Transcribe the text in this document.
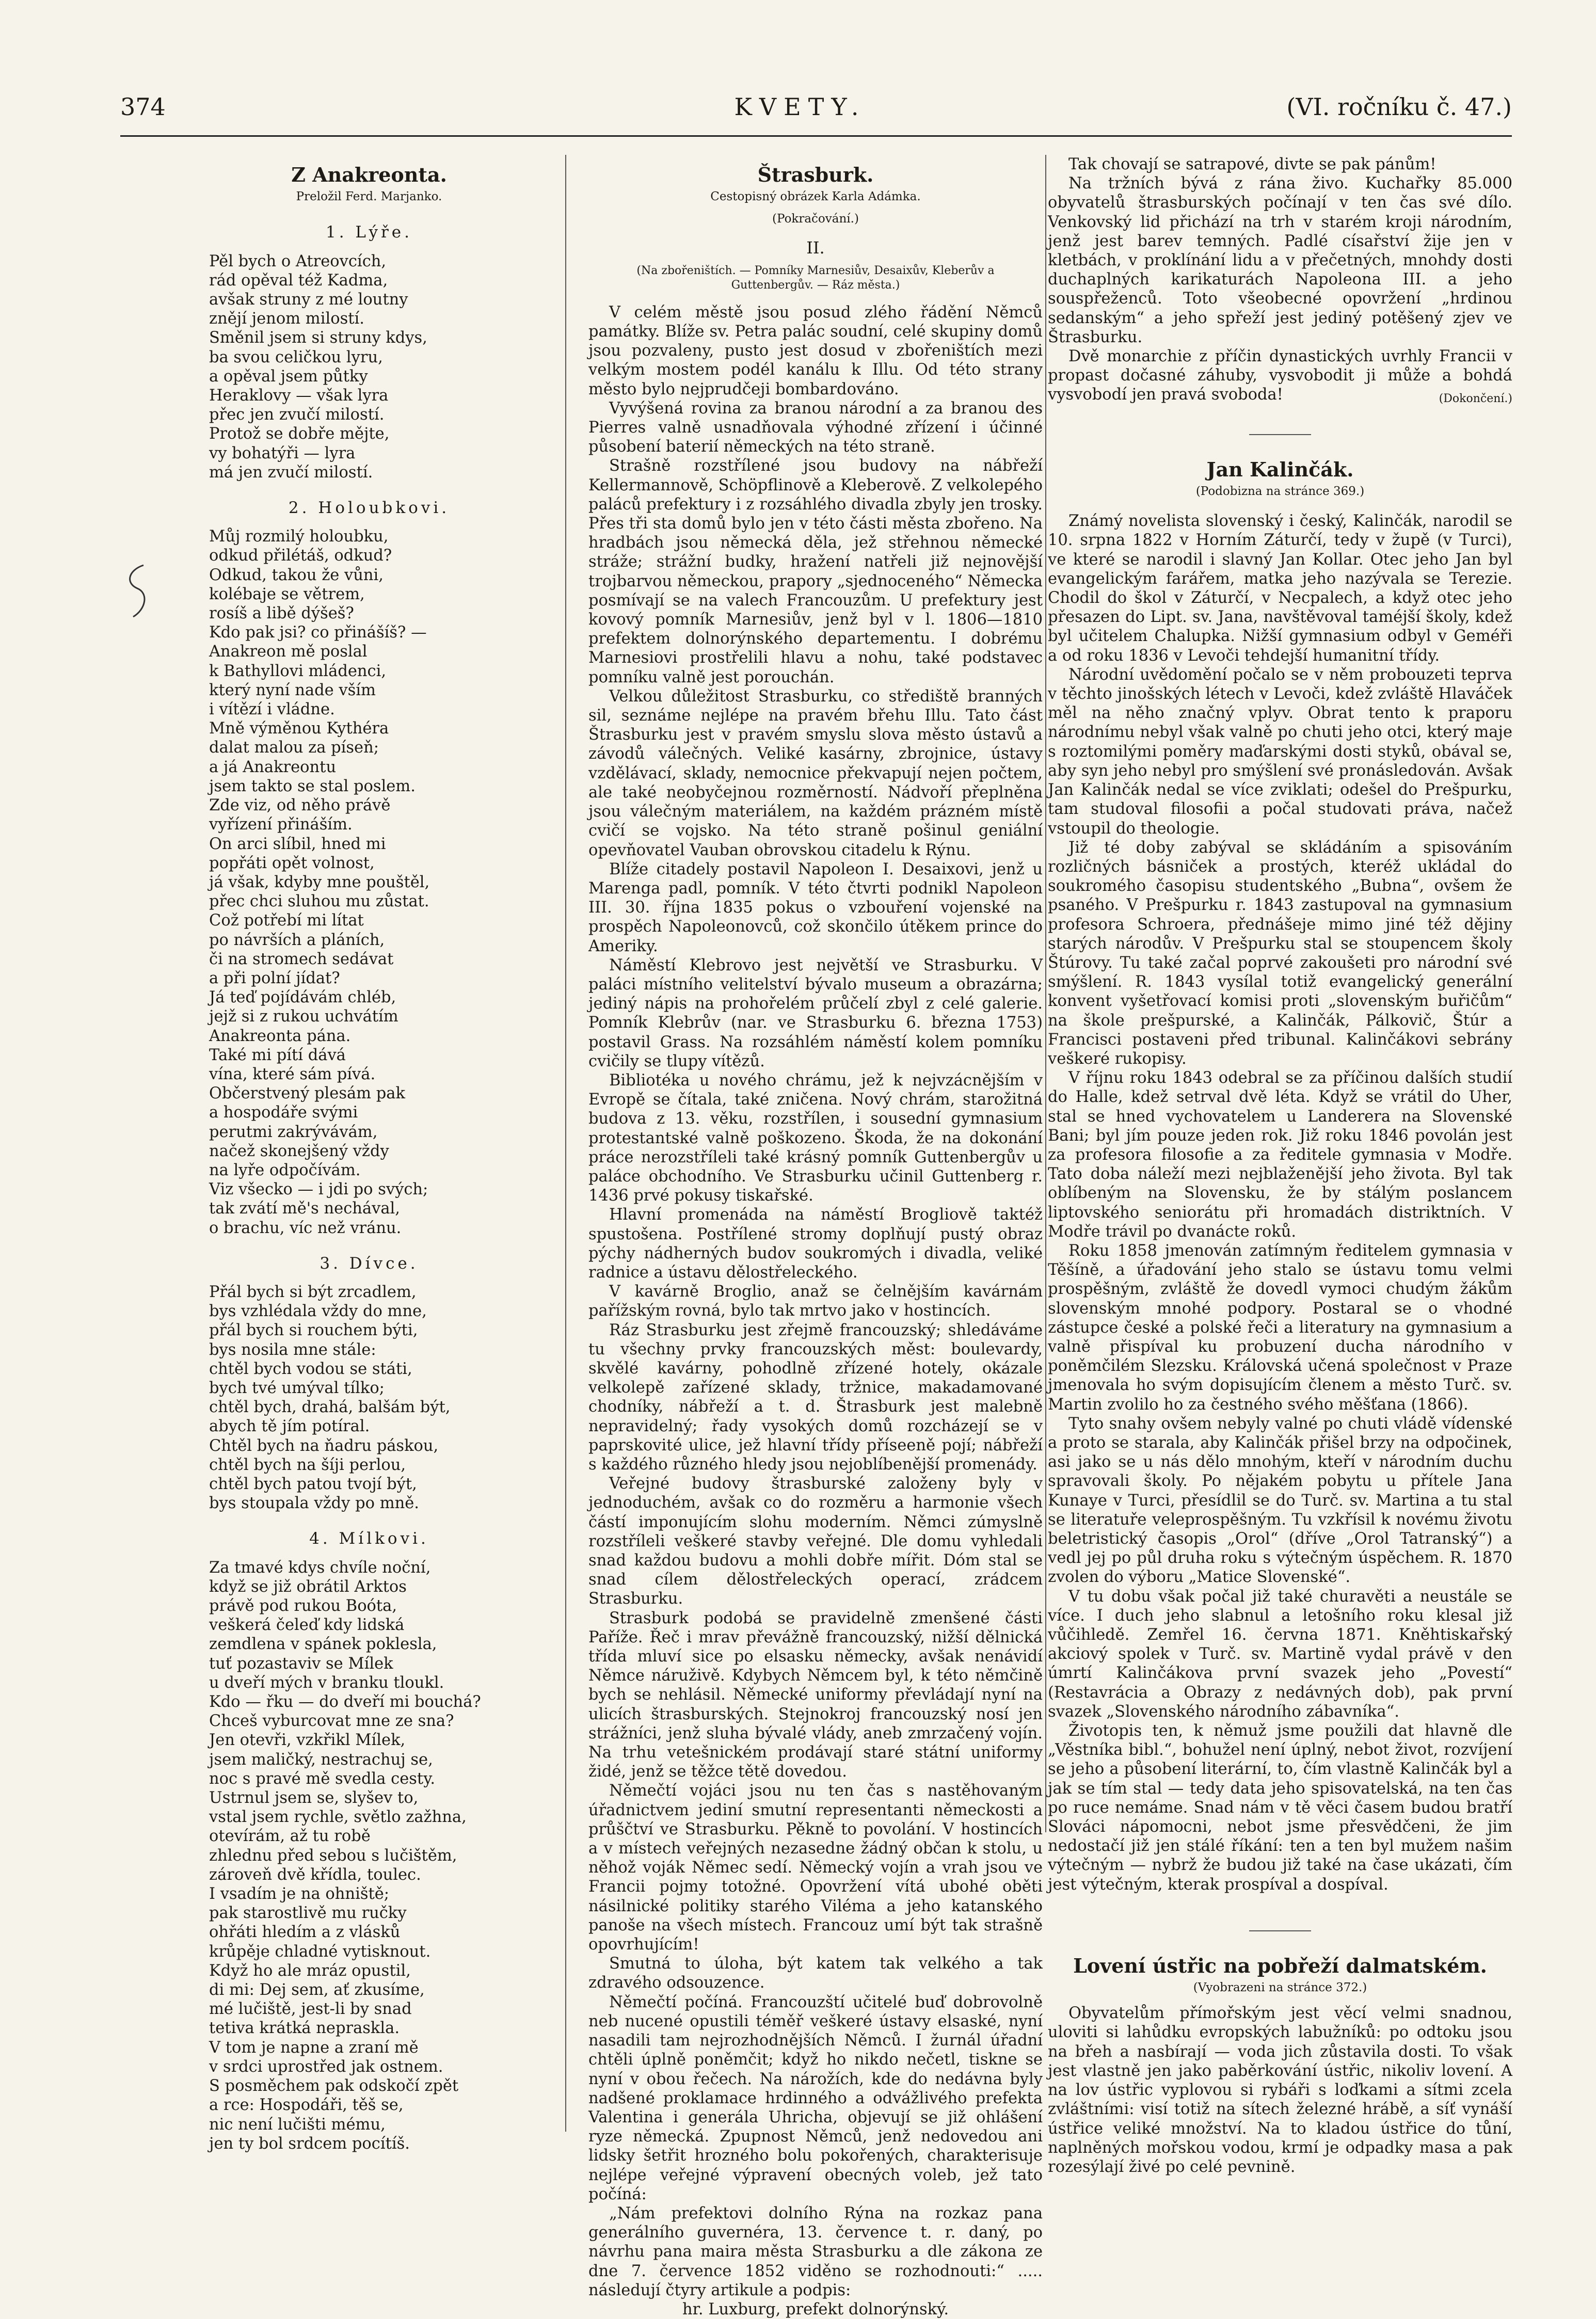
374	KVETY.	(VI. ročníku č. 47.)
Z Anakreonta.
Preložil Ferd. Marjanko.
1. Lýře.
Pěl bych o Atreovcích,
rád opěval též Kadma,
avšak struny z mé loutny
znějí jenom milostí.
Směnil jsem si struny kdys,
ba svou celičkou lyru,
a opěval jsem půtky
Heraklovy — však lyra
přec jen zvučí milostí.
Protož se dobře mějte,
vy bohatýři — lyra
má jen zvučí milostí.
2. Holoubkovi.
Můj rozmilý holoubku,
odkud přilétáš, odkud?
Odkud, takou že vůni,
kolébaje se větrem,
rosíš a libě dýšeš?
Kdo pak jsi? co přinášíš? —
Anakreon mě poslal
k Bathyllovi mládenci,
který nyní nade vším
i vítězí i vládne.
Mně výměnou Kythéra
dalat malou za píseň;
a já Anakreontu
jsem takto se stal poslem.
Zde viz, od něho právě
vyřízení přináším.
On arci slíbil, hned mi
popřáti opět volnost,
já však, kdyby mne pouštěl,
přec chci sluhou mu zůstat.
Což potřebí mi lítat
po návrších a pláních,
či na stromech sedávat
a při polní jídat?
Já teď pojídávám chléb,
jejž si z rukou uchvátím
Anakreonta pána.
Také mi pítí dává
vína, které sám pívá.
Občerstvený plesám pak
a hospodáře svými
perutmi zakrývávám,
načež skonejšený vždy
na lyře odpočívám.
Viz všecko — i jdi po svých;
tak zvátí mě's nechával,
o brachu, víc než vránu.
3. Dívce.
Přál bych si být zrcadlem,
bys vzhlédala vždy do mne,
přál bych si rouchem býti,
bys nosila mne stále:
chtěl bych vodou se státi,
bych tvé umýval tílko;
chtěl bych, drahá, balšám být,
abych tě jím potíral.
Chtěl bych na ňadru páskou,
chtěl bych na šíji perlou,
chtěl bych patou tvojí být,
bys stoupala vždy po mně.
4. Mílkovi.
Za tmavé kdys chvíle noční,
když se již obrátil Arktos
právě pod rukou Boóta,
veškerá čeleď kdy lidská
zemdlena v spánek poklesla,
tuť pozastaviv se Mílek
u dveří mých v branku tloukl.
Kdo — řku — do dveří mi bouchá?
Chceš vyburcovat mne ze sna?
Jen otevři, vzkřikl Mílek,
jsem maličký, nestrachuj se,
noc s pravé mě svedla cesty.
Ustrnul jsem se, slyšev to,
vstal jsem rychle, světlo zažhna,
otevírám, až tu robě
zhlednu před sebou s lučištěm,
zároveň dvě křídla, toulec.
I vsadím je na ohniště;
pak starostlivě mu ručky
ohřáti hledím a z vlásků
krůpěje chladné vytisknout.
Když ho ale mráz opustil,
di mi: Dej sem, ať zkusíme,
mé lučiště, jest-li by snad
tetiva krátká nepraskla.
V tom je napne a zraní mě
v srdci uprostřed jak ostnem.
S posměchem pak odskočí zpět
a rce: Hospodáři, těš se,
nic není lučišti mému,
jen ty bol srdcem pocítíš.
Štrasburk.
Cestopisný obrázek Karla Adámka.
(Pokračování.)
II.
(Na zbořeništích. — Pomníky Marnesiův, Desaixův, Kleberův a Guttenbergův. — Ráz města.)

V celém městě jsou posud zlého řádění Němců památky. Blíže sv. Petra palác soudní, celé skupiny domů jsou pozvaleny, pusto jest dosud v zbořeništích mezi velkým mostem podél kanálu k Illu. Od této strany město bylo nejprudčeji bombardováno.

Vyvýšená rovina za branou národní a za branou des Pierres valně usnadňovala výhodné zřízení i účinné působení baterií německých na této straně.

Strašně rozstřílené jsou budovy na nábřeží Kellermannově, Schöpflinově a Kleberově. Z velkolepého paláců prefektury i z rozsáhlého divadla zbyly jen trosky. Přes tři sta domů bylo jen v této části města zbořeno. Na hradbách jsou německá děla, jež střehnou německé stráže; strážní budky, hražení natřeli již nejnovější trojbarvou německou, prapory „sjednoceného“ Německa posmívají se na valech Francouzům. U prefektury jest kovový pomník Marnesiův, jenž byl v l. 1806—1810 prefektem dolnorýnského departementu. I dobrému Marnesiovi prostřelili hlavu a nohu, také podstavec pomníku valně jest porouchán.

Velkou důležitost Strasburku, co střediště branných sil, seznáme nejlépe na pravém břehu Illu. Tato část Štrasburku jest v pravém smyslu slova město ústavů a závodů válečných. Veliké kasárny, zbrojnice, ústavy vzdělávací, sklady, nemocnice překvapují nejen počtem, ale také neobyčejnou rozměrností. Nádvoří přeplněna jsou válečným materiálem, na každém prázném místě cvičí se vojsko. Na této straně pošinul geniální opevňovatel Vauban obrovskou citadelu k Rýnu.

Blíže citadely postavil Napoleon I. Desaixovi, jenž u Marenga padl, pomník. V této čtvrti podnikl Napoleon III. 30. října 1835 pokus o vzbouření vojenské na prospěch Napoleonovců, což skončilo útěkem prince do Ameriky.

Náměstí Klebrovo jest největší ve Strasburku. V paláci místního velitelství bývalo museum a obrazárna; jediný nápis na prohořelém průčelí zbyl z celé galerie. Pomník Klebrův (nar. ve Strasburku 6. března 1753) postavil Grass. Na rozsáhlém náměstí kolem pomníku cvičily se tlupy vítězů.

Bibliotéka u nového chrámu, jež k nejvzácnějším v Evropě se čítala, také zničena. Nový chrám, starožitná budova z 13. věku, rozstřílen, i sousední gymnasium protestantské valně poškozeno. Škoda, že na dokonání práce nerozstříleli také krásný pomník Guttenbergův u paláce obchodního. Ve Strasburku učinil Guttenberg r. 1436 prvé pokusy tiskařské.

Hlavní promenáda na náměstí Brogliově taktéž spustošena. Postřílené stromy doplňují pustý obraz pýchy nádherných budov soukromých i divadla, veliké radnice a ústavu dělostřeleckého.

V kavárně Broglio, anaž se čelnějším kavárnám pařížským rovná, bylo tak mrtvo jako v hostincích.

Ráz Strasburku jest zřejmě francouzský; shledáváme tu všechny prvky francouzských měst: boulevardy, skvělé kavárny, pohodlně zřízené hotely, okázale velkolepě zařízené sklady, tržnice, makadamované chodníky, nábřeží a t. d. Štrasburk jest malebně nepravidelný; řady vysokých domů rozcházejí se v paprskovité ulice, jež hlavní třídy příseeně pojí; nábřeží s každého různého hledy jsou nejoblíbenější promenády.

Veřejné budovy štrasburské založeny byly v jednoduchém, avšak co do rozměru a harmonie všech částí imponujícím slohu moderním. Němci zúmyslně rozstříleli veškeré stavby veřejné. Dle domu vyhledali snad každou budovu a mohli dobře mířit. Dóm stal se snad cílem dělostřeleckých operací, zrádcem Strasburku.

Strasburk podobá se pravidelně zmenšené části Paříže. Řeč i mrav převážně francouzský, nižší dělnická třída mluví sice po elsasku německy, avšak nenávidí Němce náruživě. Kdybych Němcem byl, k této němčině bych se nehlásil. Německé uniformy převládají nyní na ulicích štrasburských. Stejnokroj francouzský nosí jen strážníci, jenž sluha bývalé vlády, aneb zmrzačený vojín. Na trhu vetešnickém prodávají staré státní uniformy židé, jenž se těžce tětě dovedou.

Němečtí vojáci jsou nu ten čas s nastěhovaným úřadnictvem jediní smutní representanti německosti a průščtví ve Strasburku. Pěkně to povolání. V hostincích a v místech veřejných nezasedne žádný občan k stolu, u něhož voják Němec sedí. Německý vojín a vrah jsou ve Francii pojmy totožné. Opovržení vítá ubohé oběti násilnické politiky starého Viléma a jeho katanského panoše na všech místech. Francouz umí být tak strašně opovrhujícím!

Smutná to úloha, být katem tak velkého a tak zdravého odsouzence.

Němečtí počíná. Francouzští učitelé buď dobrovolně neb nucené opustili téměř veškeré ústavy elsaské, nyní nasadili tam nejrozhodnějších Němců. I žurnál úřadní chtěli úplně poněmčit; když ho nikdo nečetl, tiskne se nyní v obou řečech. Na nárožích, kde do nedávna byly nadšené proklamace hrdinného a odvážlivého prefekta Valentina i generála Uhricha, objevují se již ohlášení ryze německá. Zpupnost Němců, jenž nedovedou ani lidsky šetřit hrozného bolu pokořených, charakterisuje nejlépe veřejné výpravení obecných voleb, jež tato počíná:

„Nám prefektovi dolního Rýna na rozkaz pana generálního guvernéra, 13. července t. r. daný, po návrhu pana maira města Strasburku a dle zákona ze dne 7. července 1852 viděno se rozhodnouti:“ ..... následují čtyry artikule a podpis:

hr. Luxburg, prefekt dolnorýnský.

Tak chovají se satrapové, divte se pak pánům!

Na tržních bývá z rána živo. Kuchařky 85.000 obyvatelů štrasburských počínají v ten čas své dílo. Venkovský lid přichází na trh v starém kroji národním, jenž jest barev temných. Padlé císařství žije jen v kletbách, v proklínání lidu a v přečetných, mnohdy dosti duchaplných karikaturách Napoleona III. a jeho souspřeženců. Toto všeobecné opovržení „hrdinou sedanským“ a jeho spřeží jest jediný potěšený zjev ve Štrasburku.

Dvě monarchie z příčin dynastických uvrhly Francii v propast dočasné záhuby, vysvobodit ji může a bohdá vysvobodí jen pravá svoboda!	(Dokončení.)
Jan Kalinčák.
(Podobizna na stránce 369.)

Známý novelista slovenský i český, Kalinčák, narodil se 10. srpna 1822 v Horním Záturčí, tedy v župě (v Turci), ve které se narodil i slavný Jan Kollar. Otec jeho Jan byl evangelickým farářem, matka jeho nazývala se Terezie. Chodil do škol v Záturčí, v Necpalech, a když otec jeho přesazen do Lipt. sv. Jana, navštěvoval taméjší školy, kdež byl učitelem Chalupka. Nižší gymnasium odbyl v Geméři a od roku 1836 v Levoči tehdejší humanitní třídy.

Národní uvědomění počalo se v něm probouzeti teprva v těchto jinošských létech v Levoči, kdež zvláště Hlaváček měl na něho značný vplyv. Obrat tento k praporu národnímu nebyl však valně po chuti jeho otci, který maje s roztomilými poměry maďarskými dosti styků, obával se, aby syn jeho nebyl pro smýšlení své pronásledován. Avšak Jan Kalinčák nedal se více zviklati; odešel do Prešpurku, tam studoval filosofii a počal studovati práva, načež vstoupil do theologie.

Již té doby zabýval se skládáním a spisováním rozličných básniček a prostých, kteréž ukládal do soukromého časopisu studentského „Bubna“, ovšem že psaného. V Prešpurku r. 1843 zastupoval na gymnasium profesora Schroera, přednášeje mimo jiné též dějiny starých národův. V Prešpurku stal se stoupencem školy Štúrovy. Tu také začal poprvé zakoušeti pro národní své smýšlení. R. 1843 vysílal totiž evangelický generální konvent vyšetřovací komisi proti „slovenským buřičům“ na škole prešpurské, a Kalinčák, Pálkovič, Štúr a Francisci postaveni před tribunal. Kalinčákovi sebrány veškeré rukopisy.

V říjnu roku 1843 odebral se za příčinou dalších studií do Halle, kdež setrval dvě léta. Když se vrátil do Uher, stal se hned vychovatelem u Landerera na Slovenské Bani; byl jím pouze jeden rok. Již roku 1846 povolán jest za profesora filosofie a za ředitele gymnasia v Modře. Tato doba náleží mezi nejblaženější jeho života. Byl tak oblíbeným na Slovensku, že by stálým poslancem liptovského seniorátu při hromadách distriktních. V Modře trávil po dvanácte roků.

Roku 1858 jmenován zatímným ředitelem gymnasia v Těšíně, a úřadování jeho stalo se ústavu tomu velmi prospěšným, zvláště že dovedl vymoci chudým žákům slovenským mnohé podpory. Postaral se o vhodné zástupce české a polské řeči a literatury na gymnasium a valně přispíval ku probuzení ducha národního v poněmčilém Slezsku. Královská učená společnost v Praze jmenovala ho svým dopisujícím členem a město Turč. sv. Martin zvolilo ho za čestného svého měšťana (1866).

Tyto snahy ovšem nebyly valné po chuti vládě vídenské a proto se starala, aby Kalinčák přišel brzy na odpočinek, asi jako se u nás dělo mnohým, kteří v národním duchu spravovali školy. Po nějakém pobytu u přítele Jana Kunaye v Turci, přesídlil se do Turč. sv. Martina a tu stal se literatuře veleprospěšným. Tu vzkřísil k novému životu beletristický časopis „Orol“ (dříve „Orol Tatranský“) a vedl jej po půl druha roku s výtečným úspěchem. R. 1870 zvolen do výboru „Matice Slovenské“.

V tu dobu však počal již také churavěti a neustále se více. I duch jeho slabnul a letošního roku klesal již vůčihledě. Zemřel 16. června 1871. Kněhtiskařský akciový spolek v Turč. sv. Martině vydal právě v den úmrtí Kalinčákova první svazek jeho „Povestí“ (Restavrácia a Obrazy z nedávných dob), pak první svazek „Slovenského národního zábavníka“.

Životopis ten, k němuž jsme použili dat hlavně dle „Věstníka bibl.“, bohužel není úplný, nebot život, rozvíjení se jeho a působení literární, to, čím vlastně Kalinčák byl a jak se tím stal — tedy data jeho spisovatelská, na ten čas po ruce nemáme. Snad nám v tě věci časem budou bratří Slováci nápomocni, nebot jsme přesvědčeni, že jim nedostačí již jen stálé říkání: ten a ten byl mužem našim výtečným — nybrž že budou již také na čase ukázati, čím jest výtečným, kterak prospíval a dospíval.

Lovení ústřic na pobřeží dalmatském.
(Vyobrazeni na stránce 372.)

Obyvatelům přímořským jest věcí velmi snadnou, uloviti si lahůdku evropských labužníků: po odtoku jsou na břeh a nasbírají — voda jich zůstavila dosti. To však jest vlastně jen jako paběrkování ústřic, nikoliv lovení. A na lov ústřic vyplovou si rybáři s loďkami a sítmi zcela zvláštními: visí totiž na sítech železné hrábě, a síť vynáší ústřice veliké množství. Na to kladou ústřice do tůní, naplněných mořskou vodou, krmí je odpadky masa a pak rozesýlají živé po celé pevnině.
